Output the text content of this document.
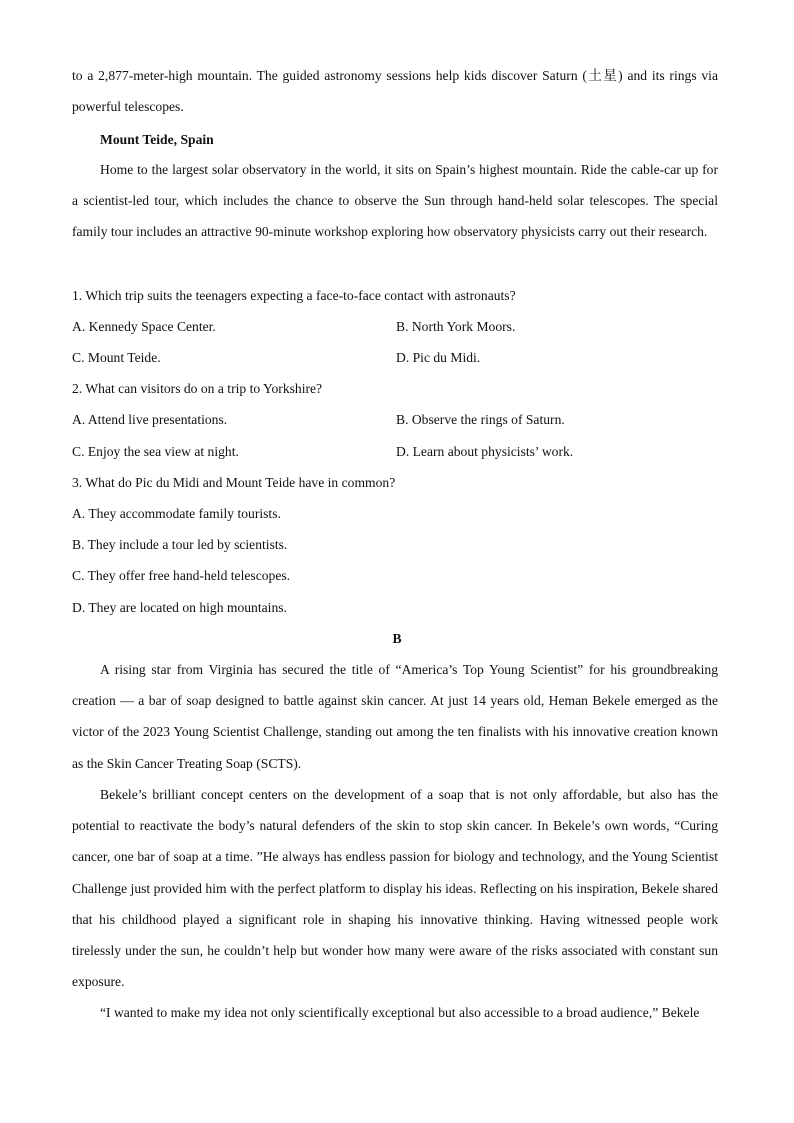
to a 2,877-meter-high mountain. The guided astronomy sessions help kids discover Saturn (土星) and its rings via powerful telescopes.

Mount Teide, Spain

Home to the largest solar observatory in the world, it sits on Spain’s highest mountain. Ride the cable-car up for a scientist-led tour, which includes the chance to observe the Sun through hand-held solar telescopes. The special family tour includes an attractive 90-minute workshop exploring how observatory physicists carry out their research.

1. Which trip suits the teenagers expecting a face-to-face contact with astronauts?

A. Kennedy Space Center.	B. North York Moors.

C. Mount Teide.	D. Pic du Midi.

2. What can visitors do on a trip to Yorkshire?

A. Attend live presentations.	B. Observe the rings of Saturn.

C. Enjoy the sea view at night.	D. Learn about physicists’ work.

3. What do Pic du Midi and Mount Teide have in common?

A. They accommodate family tourists.

B. They include a tour led by scientists.

C. They offer free hand-held telescopes.

D. They are located on high mountains.

B

A rising star from Virginia has secured the title of “America’s Top Young Scientist” for his groundbreaking creation — a bar of soap designed to battle against skin cancer. At just 14 years old, Heman Bekele emerged as the victor of the 2023 Young Scientist Challenge, standing out among the ten finalists with his innovative creation known as the Skin Cancer Treating Soap (SCTS).

Bekele’s brilliant concept centers on the development of a soap that is not only affordable, but also has the potential to reactivate the body’s natural defenders of the skin to stop skin cancer. In Bekele’s own words, “Curing cancer, one bar of soap at a time. ”He always has endless passion for biology and technology, and the Young Scientist Challenge just provided him with the perfect platform to display his ideas. Reflecting on his inspiration, Bekele shared that his childhood played a significant role in shaping his innovative thinking. Having witnessed people work tirelessly under the sun, he couldn’t help but wonder how many were aware of the risks associated with constant sun exposure.

“I wanted to make my idea not only scientifically exceptional but also accessible to a broad audience,” Bekele
